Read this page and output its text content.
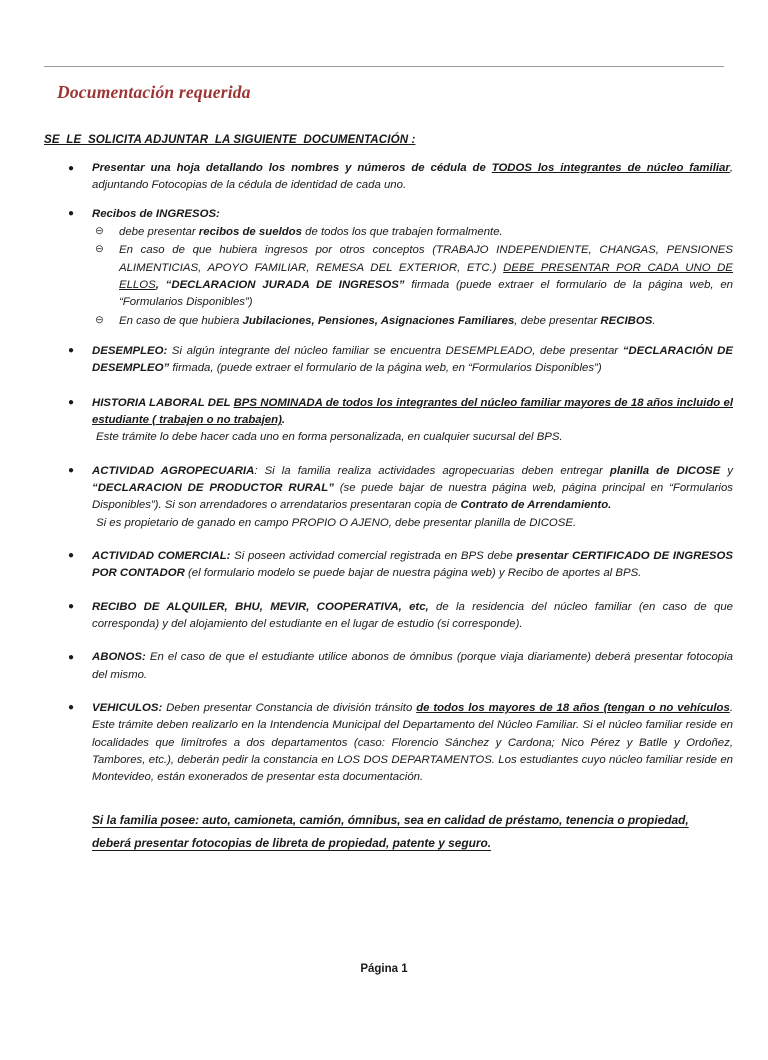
Documentación requerida
SE  LE  SOLICITA ADJUNTAR  LA SIGUIENTE  DOCUMENTACIÓN :
● Presentar una hoja detallando los nombres y números de cédula de TODOS los integrantes de núcleo familiar, adjuntando Fotocopias de la cédula de identidad de cada uno.
● Recibos de INGRESOS:
⊖ debe presentar recibos de sueldos de todos los que trabajen formalmente.
⊖ En caso de que hubiera ingresos por otros conceptos (TRABAJO INDEPENDIENTE, CHANGAS, PENSIONES ALIMENTICIAS, APOYO FAMILIAR, REMESA DEL EXTERIOR, ETC.) DEBE PRESENTAR POR CADA UNO DE ELLOS, “DECLARACION JURADA DE INGRESOS” firmada (puede extraer el formulario de la página web, en “Formularios Disponibles”)
⊖ En caso de que hubiera Jubilaciones, Pensiones, Asignaciones Familiares, debe presentar RECIBOS.
● DESEMPLEO: Si algún integrante del núcleo familiar se encuentra DESEMPLEADO, debe presentar “DECLARACIÓN DE DESEMPLEO” firmada, (puede extraer el formulario de la página web, en “Formularios Disponibles”)
● HISTORIA LABORAL DEL BPS NOMINADA de todos los integrantes del núcleo familiar mayores de 18 años incluido el estudiante ( trabajen o no trabajen).
Este trámite lo debe hacer cada uno en forma personalizada, en cualquier sucursal del BPS.
● ACTIVIDAD AGROPECUARIA: Si la familia realiza actividades agropecuarias deben entregar planilla de DICOSE y “DECLARACION DE PRODUCTOR RURAL” (se puede bajar de nuestra página web, página principal en “Formularios Disponibles”). Si son arrendadores o arrendatarios presentaran copia de Contrato de Arrendamiento.
Si es propietario de ganado en campo PROPIO O AJENO, debe presentar planilla de DICOSE.
● ACTIVIDAD COMERCIAL: Si poseen actividad comercial registrada en BPS debe presentar CERTIFICADO DE INGRESOS POR CONTADOR (el formulario modelo se puede bajar de nuestra página web) y Recibo de aportes al BPS.
● RECIBO DE ALQUILER, BHU, MEVIR, COOPERATIVA, etc, de la residencia del núcleo familiar (en caso de que corresponda) y del alojamiento del estudiante en el lugar de estudio (si corresponde).
● ABONOS: En el caso de que el estudiante utilice abonos de ómnibus (porque viaja diariamente) deberá presentar fotocopia del mismo.
● VEHICULOS: Deben presentar Constancia de división tránsito de todos los mayores de 18 años (tengan o no vehículos. Este trámite deben realizarlo en la Intendencia Municipal del Departamento del Núcleo Familiar. Si el núcleo familiar reside en localidades que limítrofes a dos departamentos (caso: Florencio Sánchez y Cardona; Nico Pérez y Batlle y Ordoñez, Tambores, etc.), deberán pedir la constancia en LOS DOS DEPARTAMENTOS. Los estudiantes cuyo núcleo familiar reside en Montevideo, están exonerados de presentar esta documentación.
Si la familia posee: auto, camioneta, camión, ómnibus, sea en calidad de préstamo, tenencia o propiedad, deberá presentar fotocopias de libreta de propiedad, patente y seguro.
Página 1
